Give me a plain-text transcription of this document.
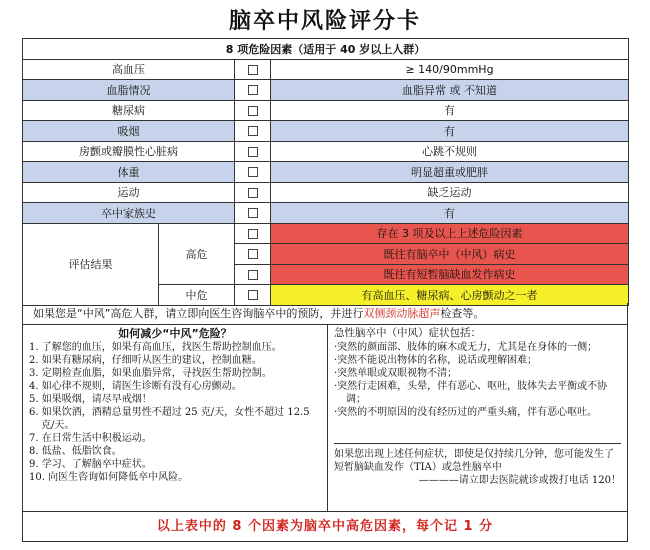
脑卒中风险评分卡
8 项危险因素（适用于 40 岁以上人群）			
高血压			≥ 140/90mmHg
血脂情况			血脂异常 或 不知道
糖尿病			有
吸烟			有
房颤或瓣膜性心脏病			心跳不规则
体重			明显超重或肥胖
运动			缺乏运动
卒中家族史			有
评估结果	高危		存在 3 项及以上上述危险因素
			既往有脑卒中（中风）病史
			既往有短暂脑缺血发作病史
	中危		有高血压、糖尿病、心房颤动之一者
如果您是“中风”高危人群，请立即向医生咨询脑卒中的预防，并进行双侧颈动脉超声检查等。
如何减少“中风”危险？
1. 了解您的血压，如果有高血压，找医生帮助控制血压。
2. 如果有糖尿病，仔细听从医生的建议，控制血糖。
3. 定期检查血脂，如果血脂异常，寻找医生帮助控制。
4. 如心律不规则，请医生诊断有没有心房颤动。
5. 如果吸烟，请尽早戒烟！
6. 如果饮酒，酒精总量男性不超过 25 克/天，女性不超过 12.5 克/天。
7. 在日常生活中积极运动。
8. 低盐、低脂饮食。
9. 学习、了解脑卒中症状。
10. 向医生咨询如何降低卒中风险。
急性脑卒中（中风）症状包括：
·突然的颜面部、肢体的麻木或无力，尤其是在身体的一侧；
·突然不能说出物体的名称，说话或理解困难；
·突然单眼或双眼视物不清；
·突然行走困难，头晕，伴有恶心、呕吐，肢体失去平衡或不协调；
·突然的不明原因的没有经历过的严重头痛，伴有恶心呕吐。
如果您出现上述任何症状，即使是仅持续几分钟，您可能发生了短暂脑缺血发作（TIA）或急性脑卒中
————请立即去医院就诊或拨打电话 120！
以上表中的 8 个因素为脑卒中高危因素，每个记 1 分
